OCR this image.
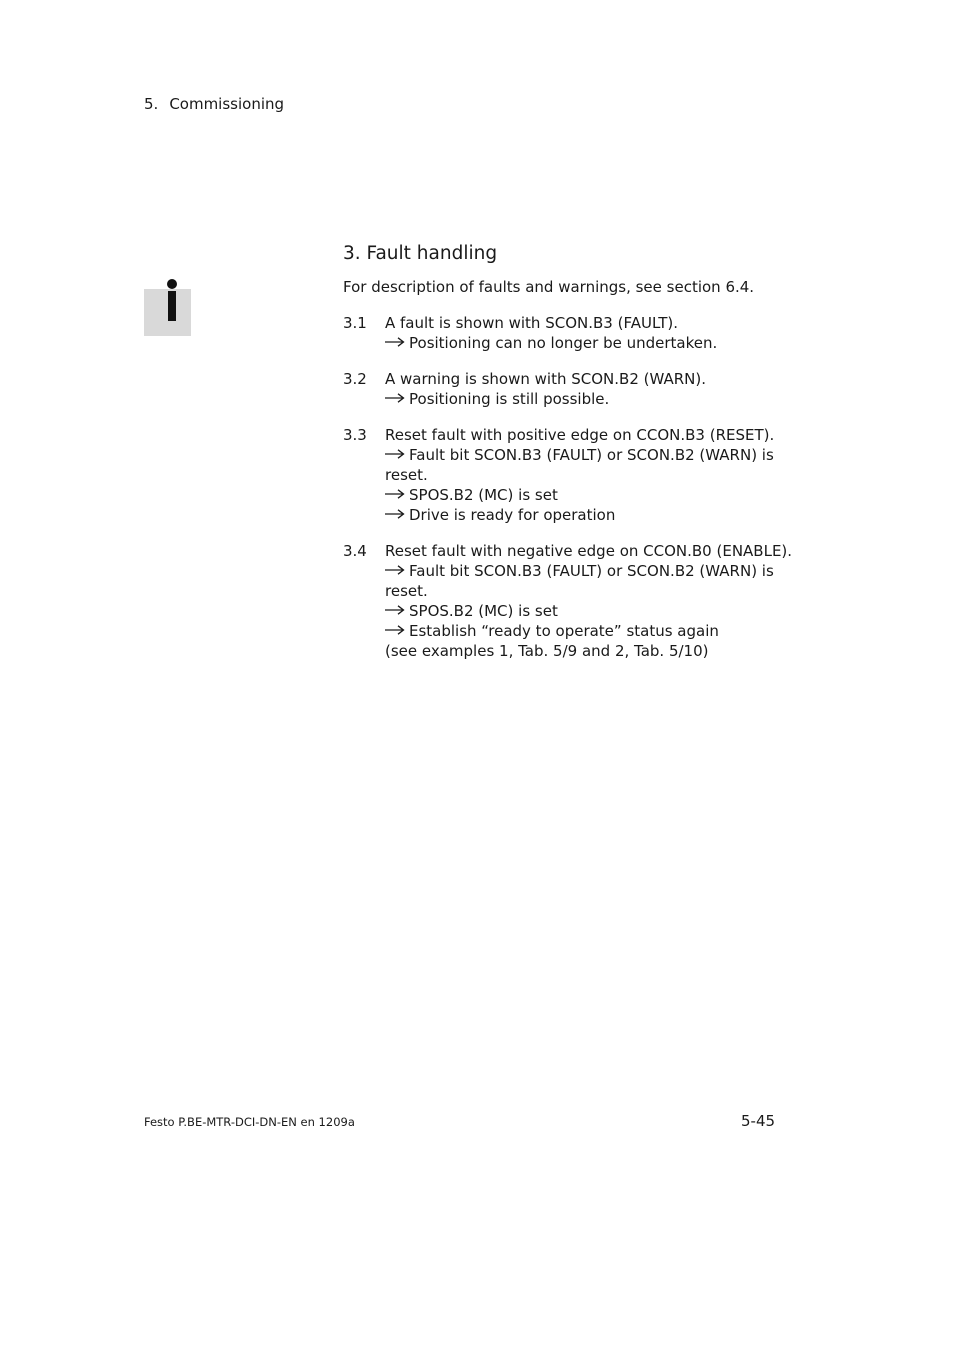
5. Commissioning
3. Fault handling
For description of faults and warnings, see section 6.4.
3.1 A fault is shown with SCON.B3 (FAULT).
Positioning can no longer be undertaken.
3.2 A warning is shown with SCON.B2 (WARN).
Positioning is still possible.
3.3 Reset fault with positive edge on CCON.B3 (RESET).
Fault bit SCON.B3 (FAULT) or SCON.B2 (WARN) is
reset.
SPOS.B2 (MC) is set
Drive is ready for operation
3.4 Reset fault with negative edge on CCON.B0 (ENABLE).
Fault bit SCON.B3 (FAULT) or SCON.B2 (WARN) is
reset.
SPOS.B2 (MC) is set
Establish “ready to operate” status again
(see examples 1, Tab. 5/9 and 2, Tab. 5/10)
Festo P.BE-MTR-DCI-DN-EN en 1209a	5-45
